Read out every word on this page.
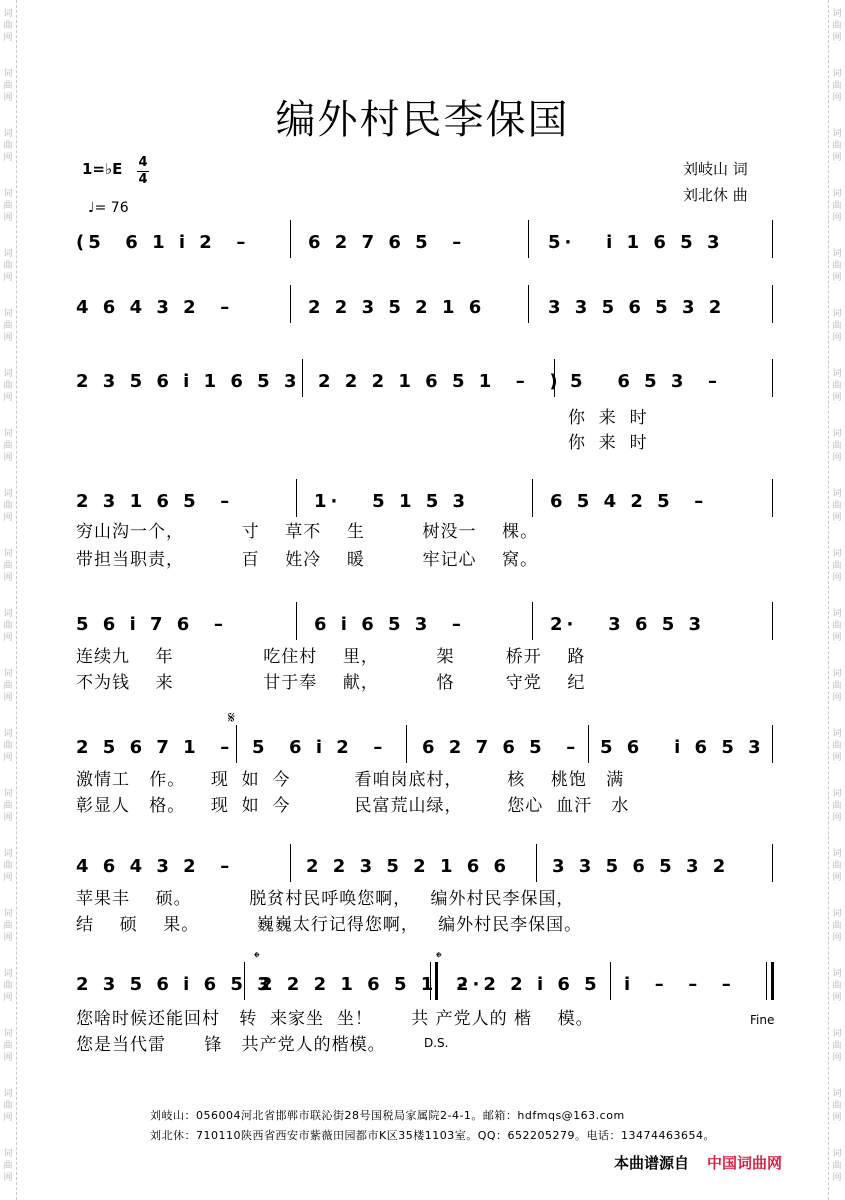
词曲网
词曲网
词曲网
词曲网
词曲网
词曲网
词曲网
词曲网
词曲网
词曲网
词曲网
词曲网
词曲网
词曲网
词曲网
词曲网
词曲网
词曲网
词曲网
词曲网
词曲网
词曲网
词曲网
词曲网
词曲网
词曲网
词曲网
词曲网
词曲网
词曲网
词曲网
词曲网
词曲网
词曲网
词曲网
词曲网
词曲网
词曲网
词曲网
词曲网
编外村民李保国
1=♭E 4
4
♩= 76
刘岐山 词
刘北休 曲
(5  6 1 i 2  –	6 2 7 6 5  –	5·   i 1 6 5 3
4 6 4 3 2  –	2 2 3 5 2 1 6	3 3 5 6 5 3 2
2 3 5 6 i 1 6 5 3 2 2 2 1 6 5 1  –  ) 5   6 5 3  –
你  来  时
你  来  时
2 3 1 6 5  –	1·   5 1 5 3	6 5 4 2 5  –
穷山沟一个，         寸    草不    生         树没一    棵。
带担当职责，         百    姓冷    暖         牢记心    窝。
5 6 i 7 6  –	6 i 6 5 3  –	2·   3 6 5 3
连续九    年              吃住村    里，         架        桥开    路
不为钱    来              甘于奉    献，         恪        守党    纪
𝄋
2 5 6 7 1  – 5  6 i 2  – 6 2 7 6 5  – 5 6   i 6 5 3
激情工   作。    现  如  今          看咱岗底村，       核    桃饱   满
彰显人   格。    现  如  今          民富荒山绿，       您心  血汗   水
4 6 4 3 2  –	2 2 3 5 2 1 6 6 3 3 5 6 5 3 2
苹果丰    硕。         脱贫村民呼唤您啊，   编外村民李保国，
结    硕    果。         巍巍太行记得您啊，   编外村民李保国。
𝄌	𝄌
2 3 5 6 i 6 5 3
2 2 2 1 6 5 1  –
2·2 2 i 6 5 i  –  –  –
Fine
您啥时候还能回村   转  来家坐  坐！      共 产党人的 楷    模。
您是当代雷      锋   共产党人的楷模。	D.S.
刘岐山：056004河北省邯郸市联沁街28号国税局家属院2-4-1。邮箱：hdfmqs@163.com
刘北休：710110陕西省西安市紫薇田园都市K区35楼1103室。QQ：652205279。电话：13474463654。
本曲谱源自 中国词曲网
